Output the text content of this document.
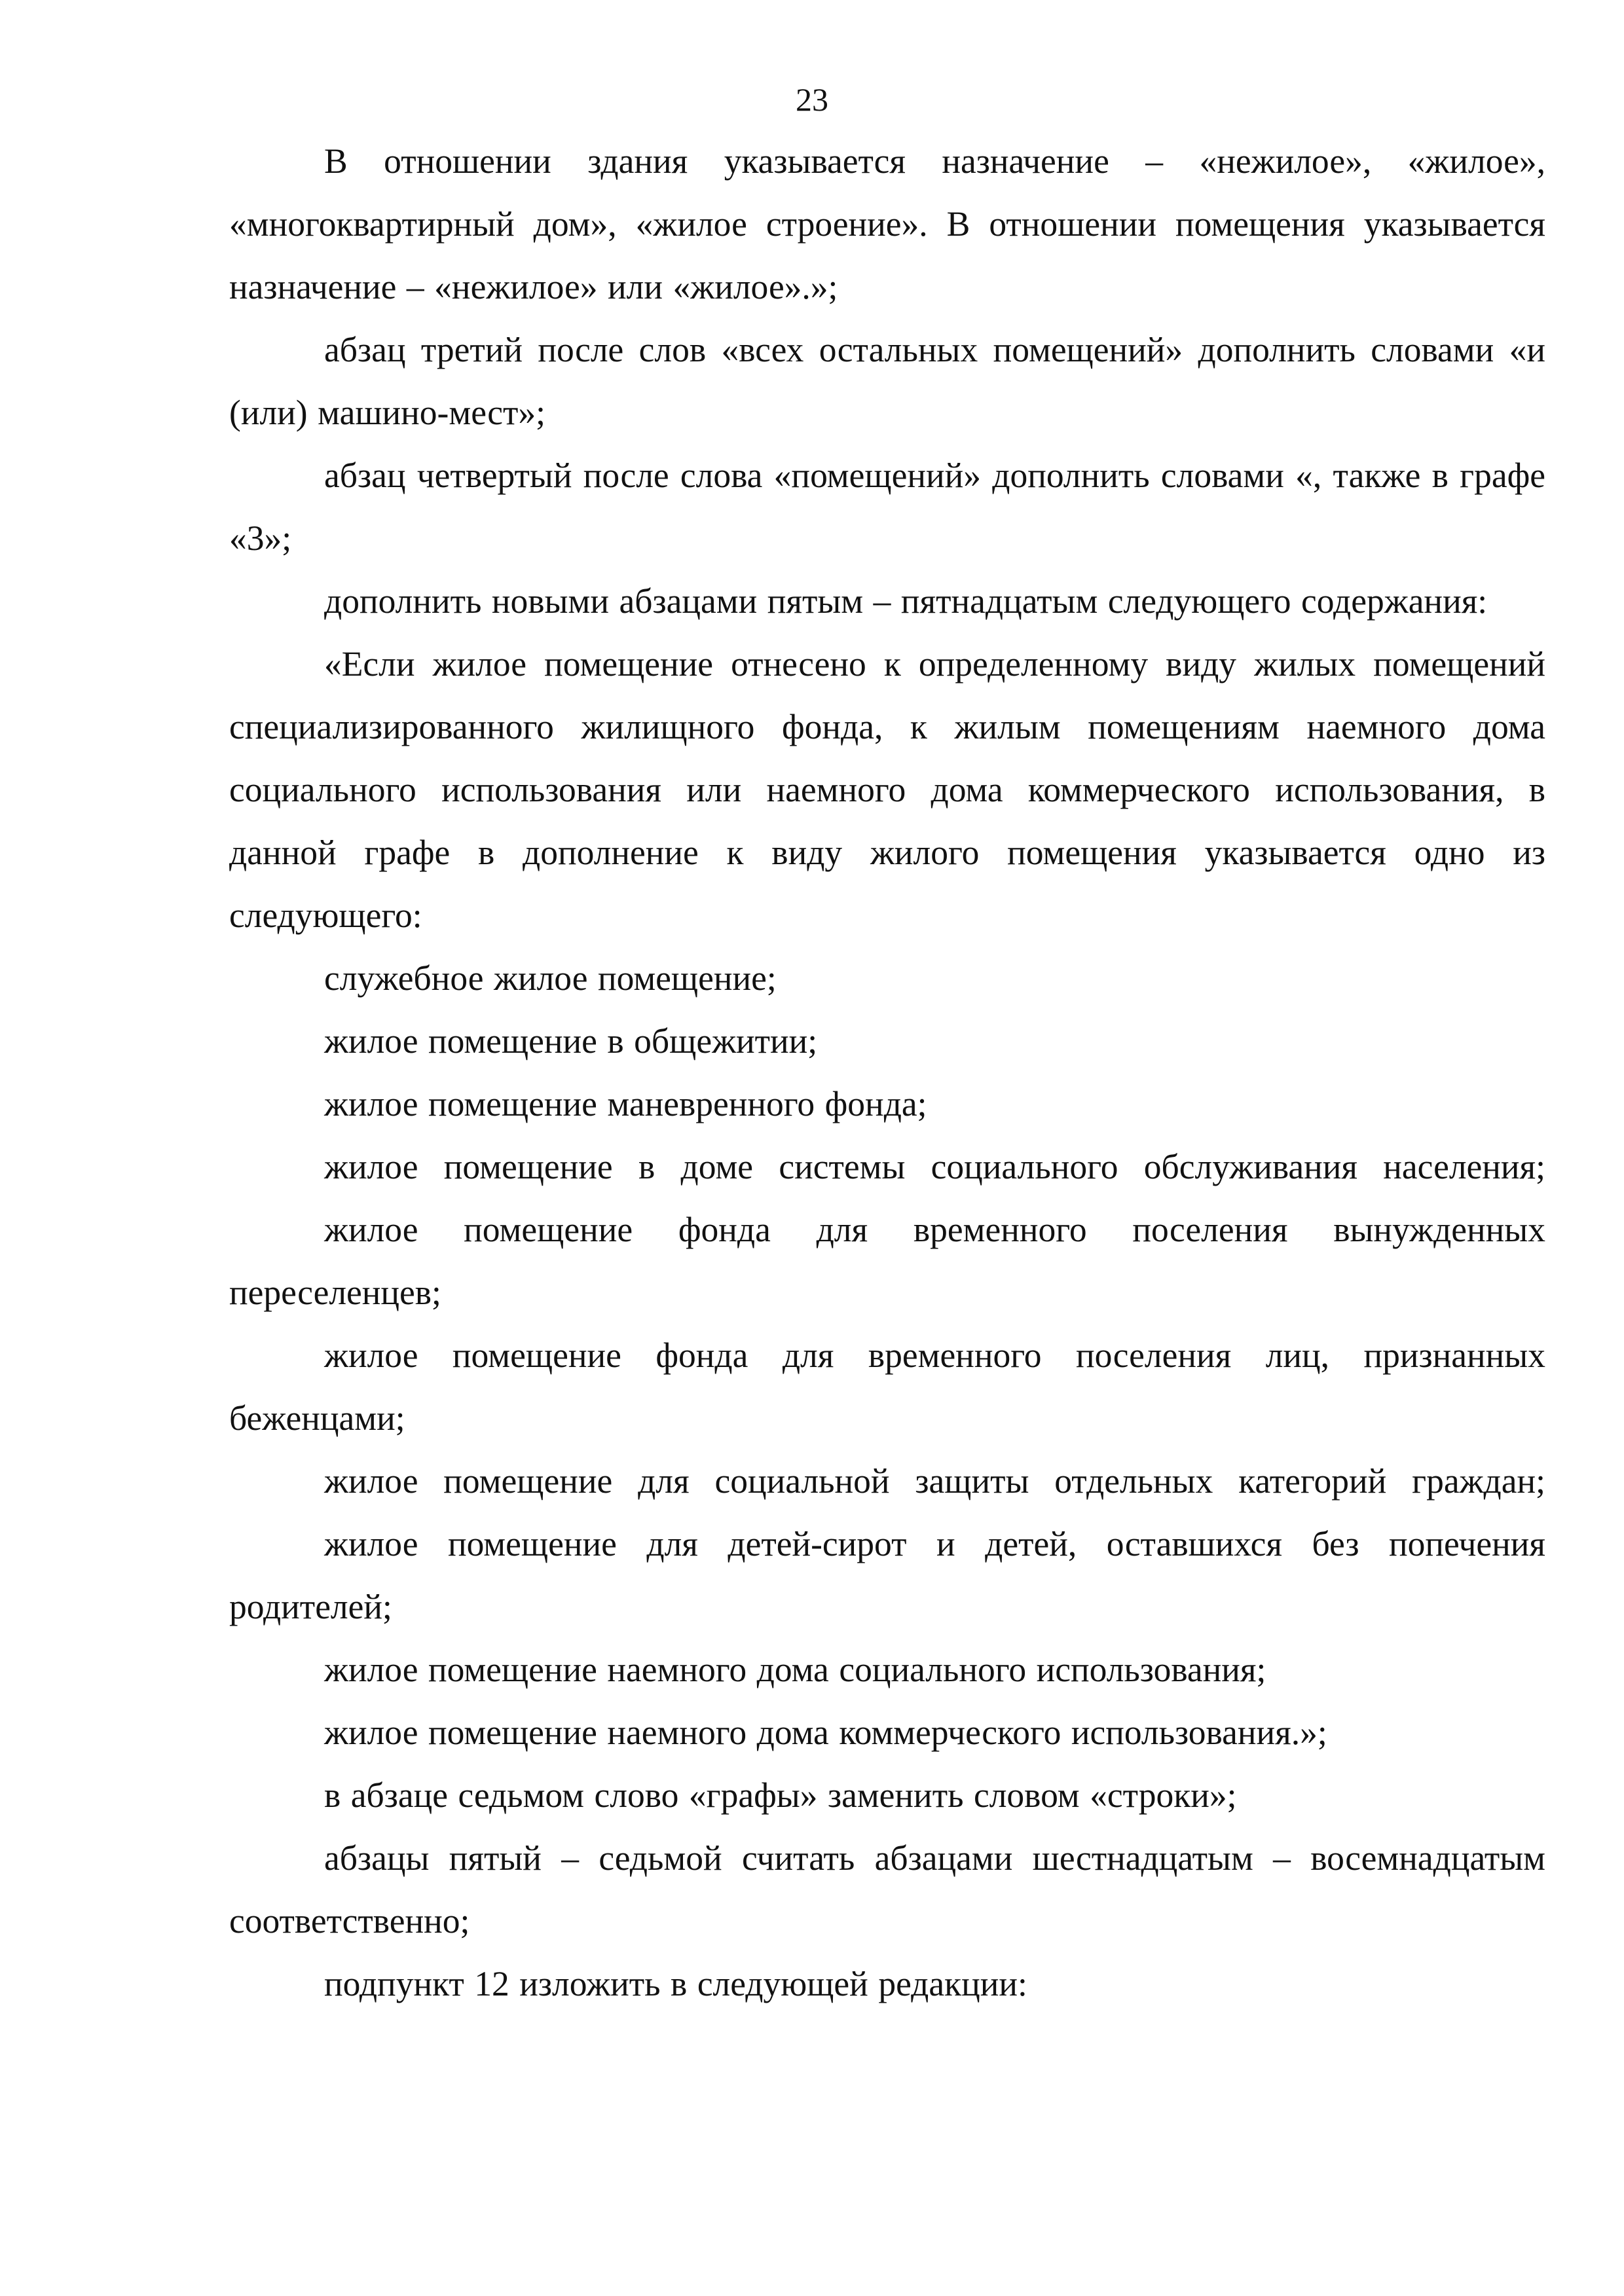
23

В отношении здания указывается назначение – «нежилое», «жилое», «многоквартирный дом», «жилое строение». В отношении помещения указывается назначение – «нежилое» или «жилое».»;

абзац третий после слов «всех остальных помещений» дополнить словами «и (или) машино-мест»;

абзац четвертый после слова «помещений» дополнить словами «, также в графе «3»;

дополнить новыми абзацами пятым – пятнадцатым следующего содержания:

«Если жилое помещение отнесено к определенному виду жилых помещений специализированного жилищного фонда, к жилым помещениям наемного дома социального использования или наемного дома коммерческого использования, в данной графе в дополнение к виду жилого помещения указывается одно из следующего:

служебное жилое помещение;

жилое помещение в общежитии;

жилое помещение маневренного фонда;

жилое помещение в доме системы социального обслуживания населения;

жилое помещение фонда для временного поселения вынужденных переселенцев;

жилое помещение фонда для временного поселения лиц, признанных беженцами;

жилое помещение для социальной защиты отдельных категорий граждан;

жилое помещение для детей-сирот и детей, оставшихся без попечения родителей;

жилое помещение наемного дома социального использования;

жилое помещение наемного дома коммерческого использования.»;

в абзаце седьмом слово «графы» заменить словом «строки»;

абзацы пятый – седьмой считать абзацами шестнадцатым – восемнадцатым соответственно;

подпункт 12 изложить в следующей редакции:
